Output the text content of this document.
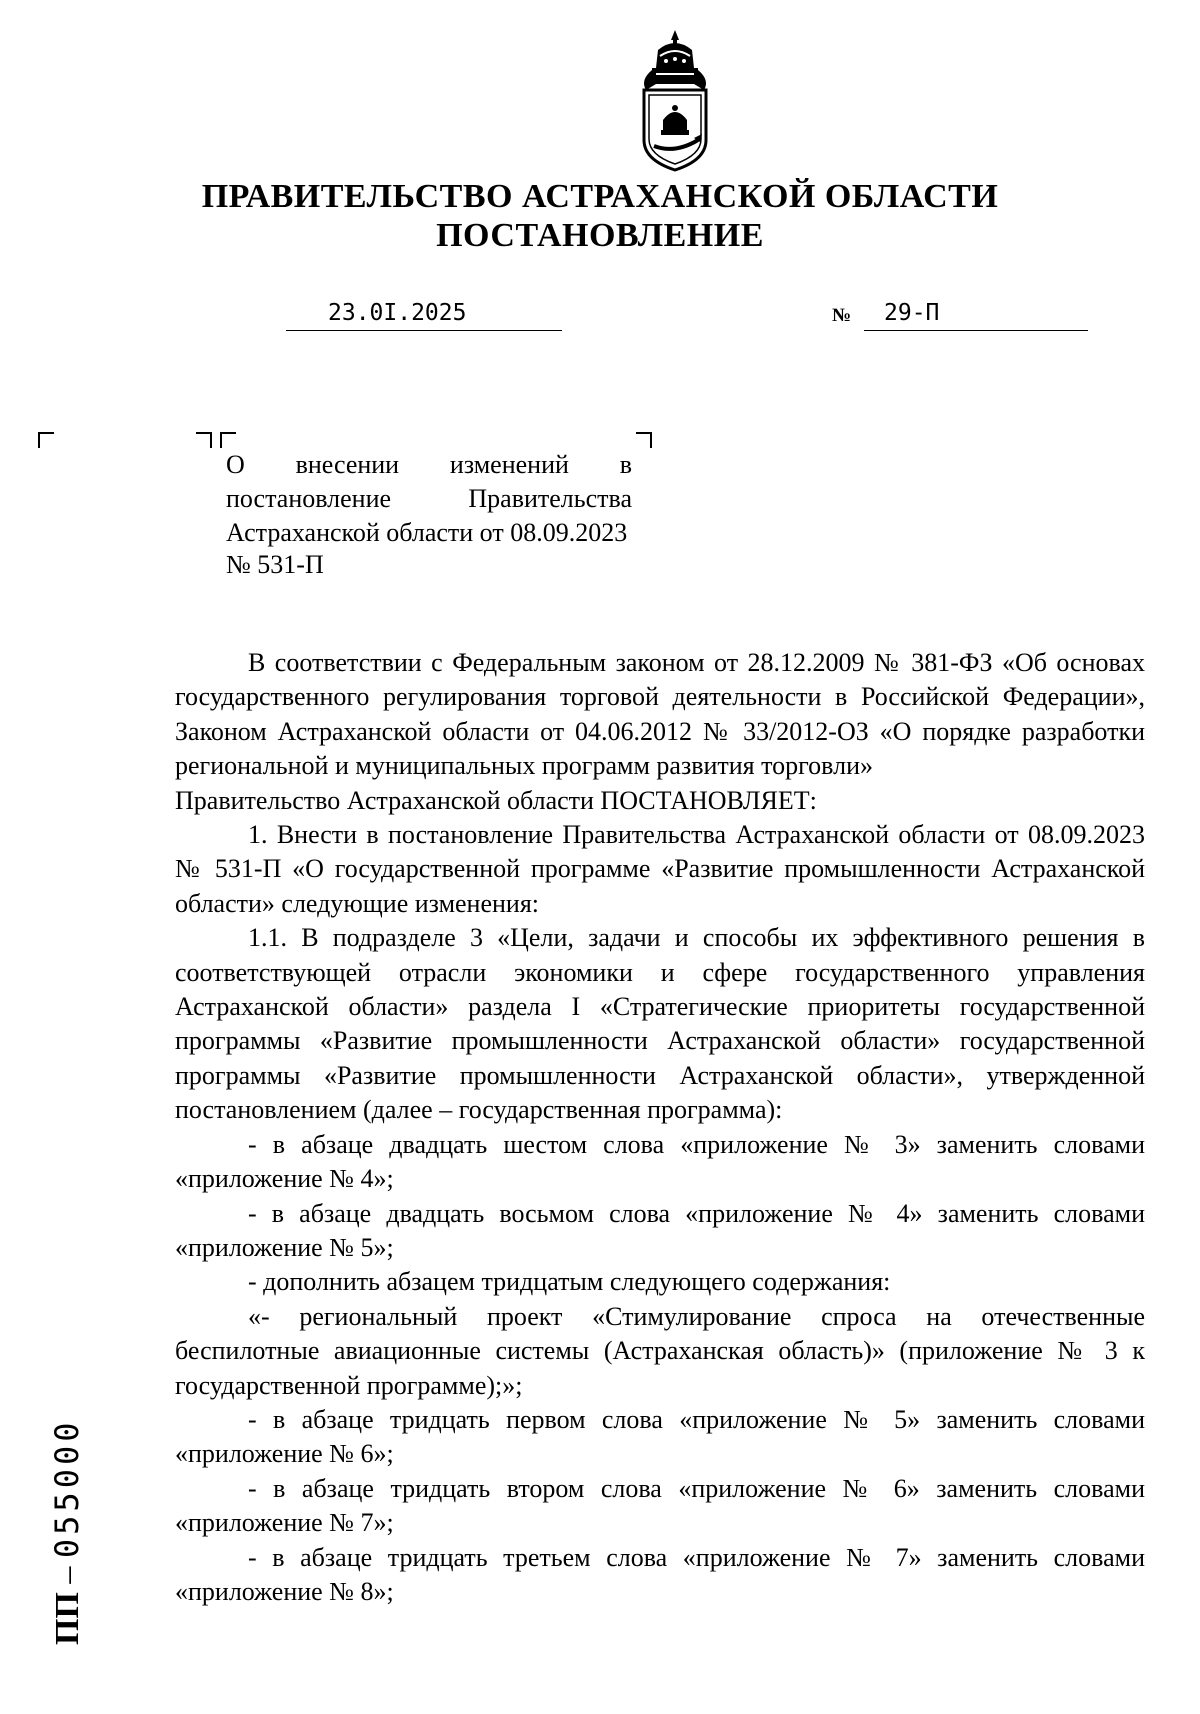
ПРАВИТЕЛЬСТВО АСТРАХАНСКОЙ ОБЛАСТИ
ПОСТАНОВЛЕНИЕ
23.0I.2025	№ 29-П
О внесении изменений в постановление Правительства Астраханской области от 08.09.2023
№ 531-П

В соответствии с Федеральным законом от 28.12.2009 № 381-ФЗ «Об основах государственного регулирования торговой деятельности в Российской Федерации», Законом Астраханской области от 04.06.2012 № 33/2012-ОЗ «О порядке разработки региональной и муниципальных программ развития торговли»

Правительство Астраханской области ПОСТАНОВЛЯЕТ:

1. Внести в постановление Правительства Астраханской области от 08.09.2023 № 531-П «О государственной программе «Развитие промышленности Астраханской области» следующие изменения:

1.1. В подразделе 3 «Цели, задачи и способы их эффективного решения в соответствующей отрасли экономики и сфере государственного управления Астраханской области» раздела I «Стратегические приоритеты государственной программы «Развитие промышленности Астраханской области» государственной программы «Развитие промышленности Астраханской области», утвержденной постановлением (далее – государственная программа):

- в абзаце двадцать шестом слова «приложение № 3» заменить словами «приложение № 4»;

- в абзаце двадцать восьмом слова «приложение № 4» заменить словами «приложение № 5»;

- дополнить абзацем тридцатым следующего содержания:

«- региональный проект «Стимулирование спроса на отечественные беспилотные авиационные системы (Астраханская область)» (приложение № 3 к государственной программе);»;

- в абзаце тридцать первом слова «приложение № 5» заменить словами «приложение № 6»;

- в абзаце тридцать втором слова «приложение № 6» заменить словами «приложение № 7»;

- в абзаце тридцать третьем слова «приложение № 7» заменить словами «приложение № 8»;

ПП – 055000
